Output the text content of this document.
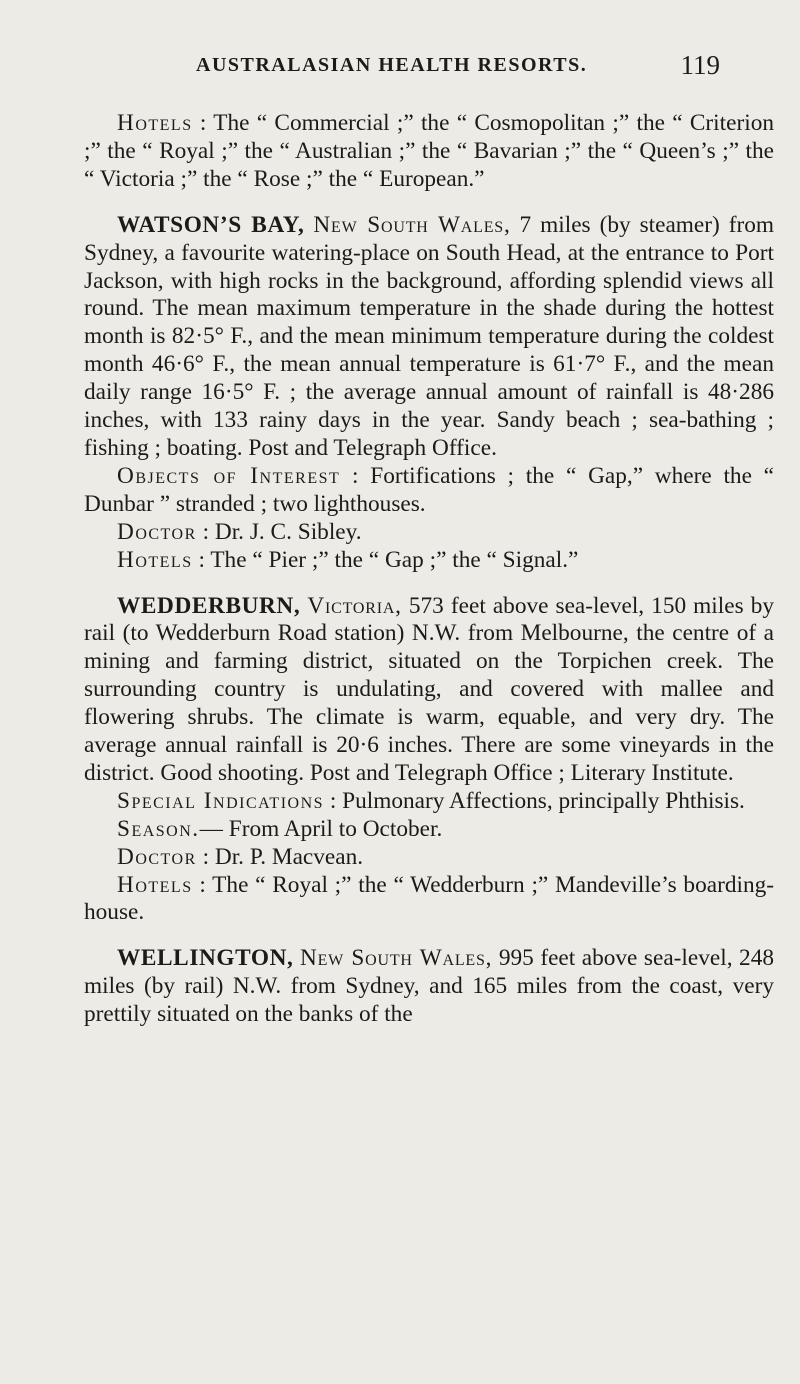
AUSTRALASIAN HEALTH RESORTS.	119

Hotels : The “ Commercial ;” the “ Cosmopolitan ;” the “ Criterion ;” the “ Royal ;” the “ Australian ;” the “ Bavarian ;” the “ Queen’s ;” the “ Victoria ;” the “ Rose ;” the “ European.”

WATSON’S BAY, New South Wales, 7 miles (by steamer) from Sydney, a favourite watering-place on South Head, at the entrance to Port Jackson, with high rocks in the background, affording splendid views all round. The mean maximum temperature in the shade during the hottest month is 82·5° F., and the mean minimum temperature during the coldest month 46·6° F., the mean annual temperature is 61·7° F., and the mean daily range 16·5° F. ; the average annual amount of rainfall is 48·286 inches, with 133 rainy days in the year. Sandy beach ; sea-bathing ; fishing ; boating. Post and Telegraph Office.

Objects of Interest : Fortifications ; the “ Gap,” where the “ Dunbar ” stranded ; two lighthouses.

Doctor : Dr. J. C. Sibley.

Hotels : The “ Pier ;” the “ Gap ;” the “ Signal.”

WEDDERBURN, Victoria, 573 feet above sea-level, 150 miles by rail (to Wedderburn Road station) N.W. from Melbourne, the centre of a mining and farming district, situated on the Torpichen creek. The surrounding country is undulating, and covered with mallee and flowering shrubs. The climate is warm, equable, and very dry. The average annual rainfall is 20·6 inches. There are some vineyards in the district. Good shooting. Post and Telegraph Office ; Literary Institute.

Special Indications : Pulmonary Affections, principally Phthisis.

Season.— From April to October.

Doctor : Dr. P. Macvean.

Hotels : The “ Royal ;” the “ Wedderburn ;” Mandeville’s boarding-house.

WELLINGTON, New South Wales, 995 feet above sea-level, 248 miles (by rail) N.W. from Sydney, and 165 miles from the coast, very prettily situated on the banks of the
